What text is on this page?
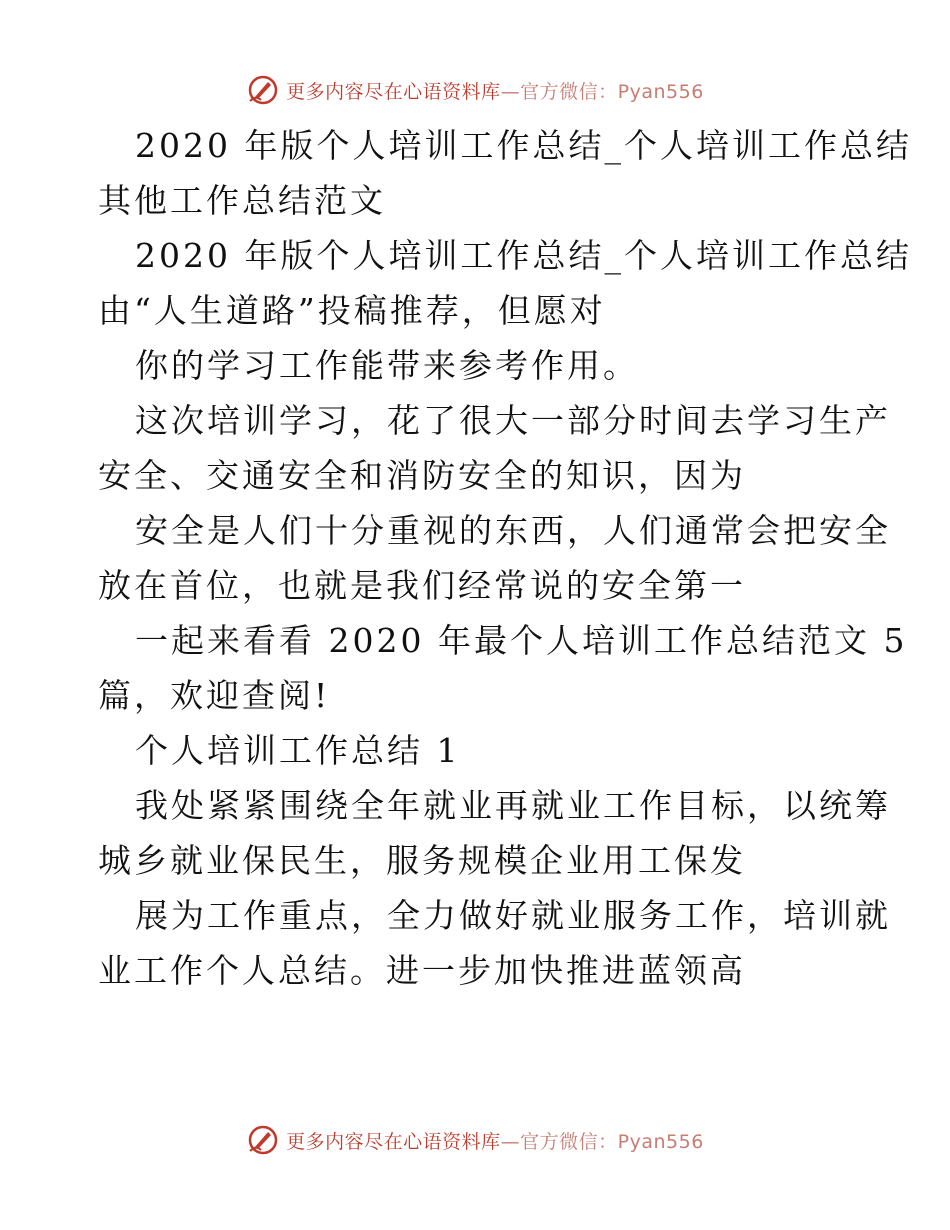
更多内容尽在心语资料库—官方微信：Pyan556
2020 年版个人培训工作总结_个人培训工作总结
其他工作总结范文
2020 年版个人培训工作总结_个人培训工作总结
由“人生道路”投稿推荐，但愿对
你的学习工作能带来参考作用。
这次培训学习，花了很大一部分时间去学习生产
安全、交通安全和消防安全的知识，因为
安全是人们十分重视的东西，人们通常会把安全
放在首位，也就是我们经常说的安全第一
一起来看看 2020 年最个人培训工作总结范文 5
篇，欢迎查阅!
个人培训工作总结 1
我处紧紧围绕全年就业再就业工作目标，以统筹
城乡就业保民生，服务规模企业用工保发
展为工作重点，全力做好就业服务工作，培训就
业工作个人总结。进一步加快推进蓝领高
更多内容尽在心语资料库—官方微信：Pyan556
